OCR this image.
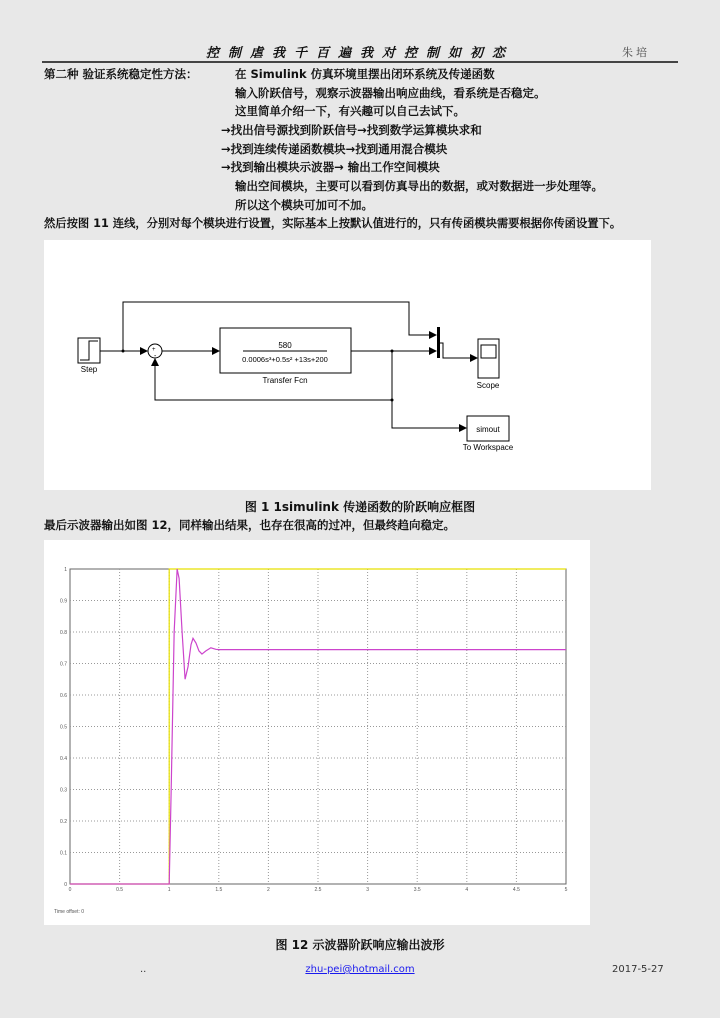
控制虐我千百遍我对控制如初恋	朱培
第二种 验证系统稳定性方法：	在 Simulink 仿真环境里摆出闭环系统及传递函数
输入阶跃信号，观察示波器输出响应曲线，看系统是否稳定。
这里简单介绍一下，有兴趣可以自己去试下。
→找出信号源找到阶跃信号→找到数学运算模块求和
→找到连续传递函数模块→找到通用混合模块
→找到输出模块示波器→ 输出工作空间模块
输出空间模块，主要可以看到仿真导出的数据，或对数据进一步处理等。
所以这个模块可加可不加。
然后按图 11 连线，分别对每个模块进行设置，实际基本上按默认值进行的，只有传函模块需要根据你传函设置下。
Step
+
-
580
0.0006s³+0.5s² +13s+200
Transfer Fcn
Scope
simout
To Workspace
图 1 1simulink 传递函数的阶跃响应框图
最后示波器输出如图 12，同样输出结果，也存在很高的过冲，但最终趋向稳定。
0	0.5	1	1.5	2	2.5	3	3.5	4	4.5	5
0
0.1
0.2
0.3
0.4
0.5
0.6
0.7
0.8
0.9
1
Time offset: 0
图 12 示波器阶跃响应输出波形
..	zhu-pei@hotmail.com	2017-5-27
